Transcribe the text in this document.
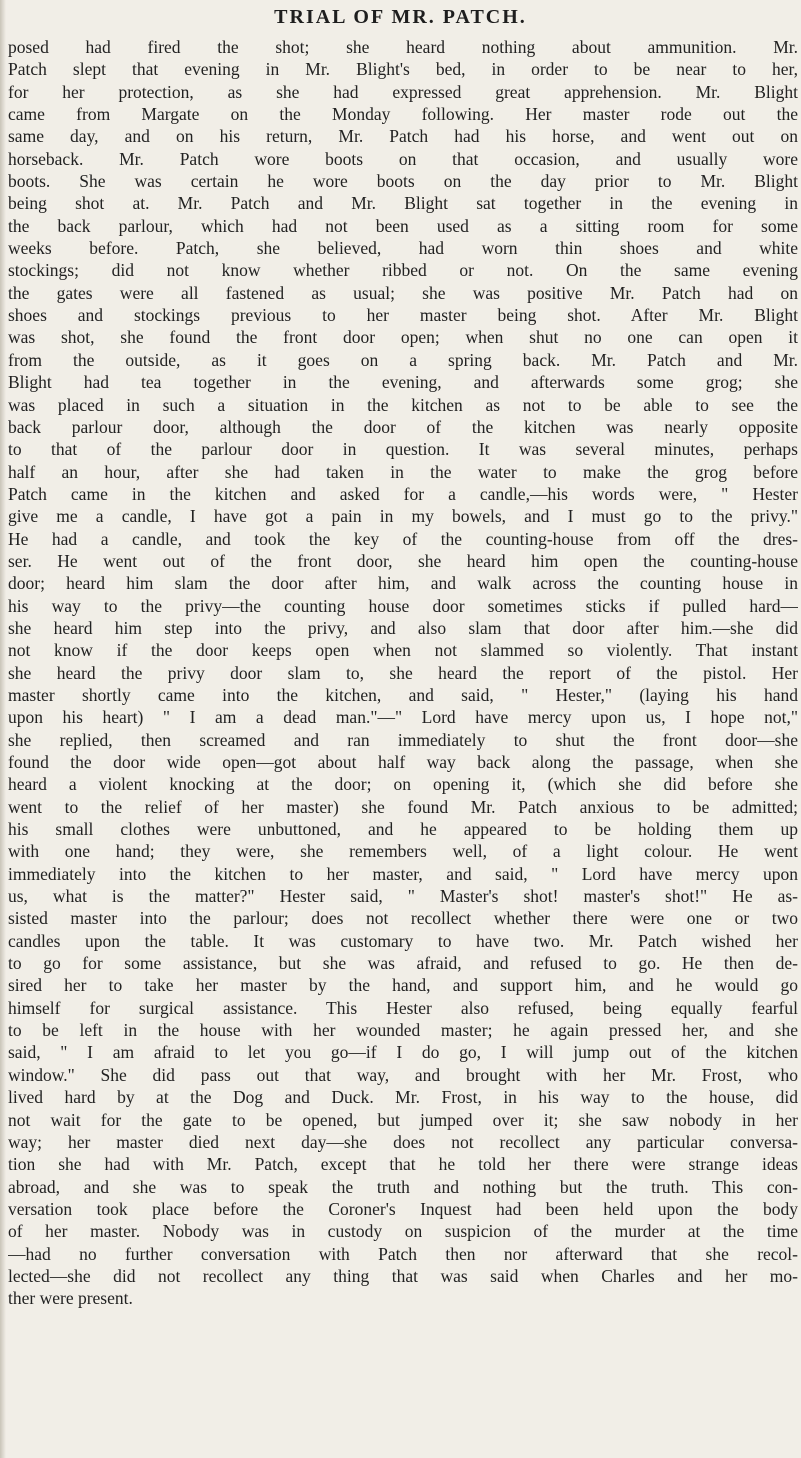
TRIAL OF MR. PATCH.
posed had fired the shot; she heard nothing about ammunition. Mr.
Patch slept that evening in Mr. Blight's bed, in order to be near to her,
for her protection, as she had expressed great apprehension. Mr. Blight
came from Margate on the Monday following. Her master rode out the
same day, and on his return, Mr. Patch had his horse, and went out on
horseback. Mr. Patch wore boots on that occasion, and usually wore
boots. She was certain he wore boots on the day prior to Mr. Blight
being shot at. Mr. Patch and Mr. Blight sat together in the evening in
the back parlour, which had not been used as a sitting room for some
weeks before. Patch, she believed, had worn thin shoes and white
stockings; did not know whether ribbed or not. On the same evening
the gates were all fastened as usual; she was positive Mr. Patch had on
shoes and stockings previous to her master being shot. After Mr. Blight
was shot, she found the front door open; when shut no one can open it
from the outside, as it goes on a spring back. Mr. Patch and Mr.
Blight had tea together in the evening, and afterwards some grog; she
was placed in such a situation in the kitchen as not to be able to see the
back parlour door, although the door of the kitchen was nearly opposite
to that of the parlour door in question. It was several minutes, perhaps
half an hour, after she had taken in the water to make the grog before
Patch came in the kitchen and asked for a candle,—his words were, " Hester
give me a candle, I have got a pain in my bowels, and I must go to the privy."
He had a candle, and took the key of the counting-house from off the dres-
ser. He went out of the front door, she heard him open the counting-house
door; heard him slam the door after him, and walk across the counting house in
his way to the privy—the counting house door sometimes sticks if pulled hard—
she heard him step into the privy, and also slam that door after him.—she did
not know if the door keeps open when not slammed so violently. That instant
she heard the privy door slam to, she heard the report of the pistol. Her
master shortly came into the kitchen, and said, " Hester," (laying his hand
upon his heart) " I am a dead man."—" Lord have mercy upon us, I hope not,"
she replied, then screamed and ran immediately to shut the front door—she
found the door wide open—got about half way back along the passage, when she
heard a violent knocking at the door; on opening it, (which she did before she
went to the relief of her master) she found Mr. Patch anxious to be admitted;
his small clothes were unbuttoned, and he appeared to be holding them up
with one hand; they were, she remembers well, of a light colour. He went
immediately into the kitchen to her master, and said, " Lord have mercy upon
us, what is the matter?" Hester said, " Master's shot! master's shot!" He as-
sisted master into the parlour; does not recollect whether there were one or two
candles upon the table. It was customary to have two. Mr. Patch wished her
to go for some assistance, but she was afraid, and refused to go. He then de-
sired her to take her master by the hand, and support him, and he would go
himself for surgical assistance. This Hester also refused, being equally fearful
to be left in the house with her wounded master; he again pressed her, and she
said, " I am afraid to let you go—if I do go, I will jump out of the kitchen
window." She did pass out that way, and brought with her Mr. Frost, who
lived hard by at the Dog and Duck. Mr. Frost, in his way to the house, did
not wait for the gate to be opened, but jumped over it; she saw nobody in her
way; her master died next day—she does not recollect any particular conversa-
tion she had with Mr. Patch, except that he told her there were strange ideas
abroad, and she was to speak the truth and nothing but the truth. This con-
versation took place before the Coroner's Inquest had been held upon the body
of her master. Nobody was in custody on suspicion of the murder at the time
—had no further conversation with Patch then nor afterward that she recol-
lected—she did not recollect any thing that was said when Charles and her mo-
ther were present.
